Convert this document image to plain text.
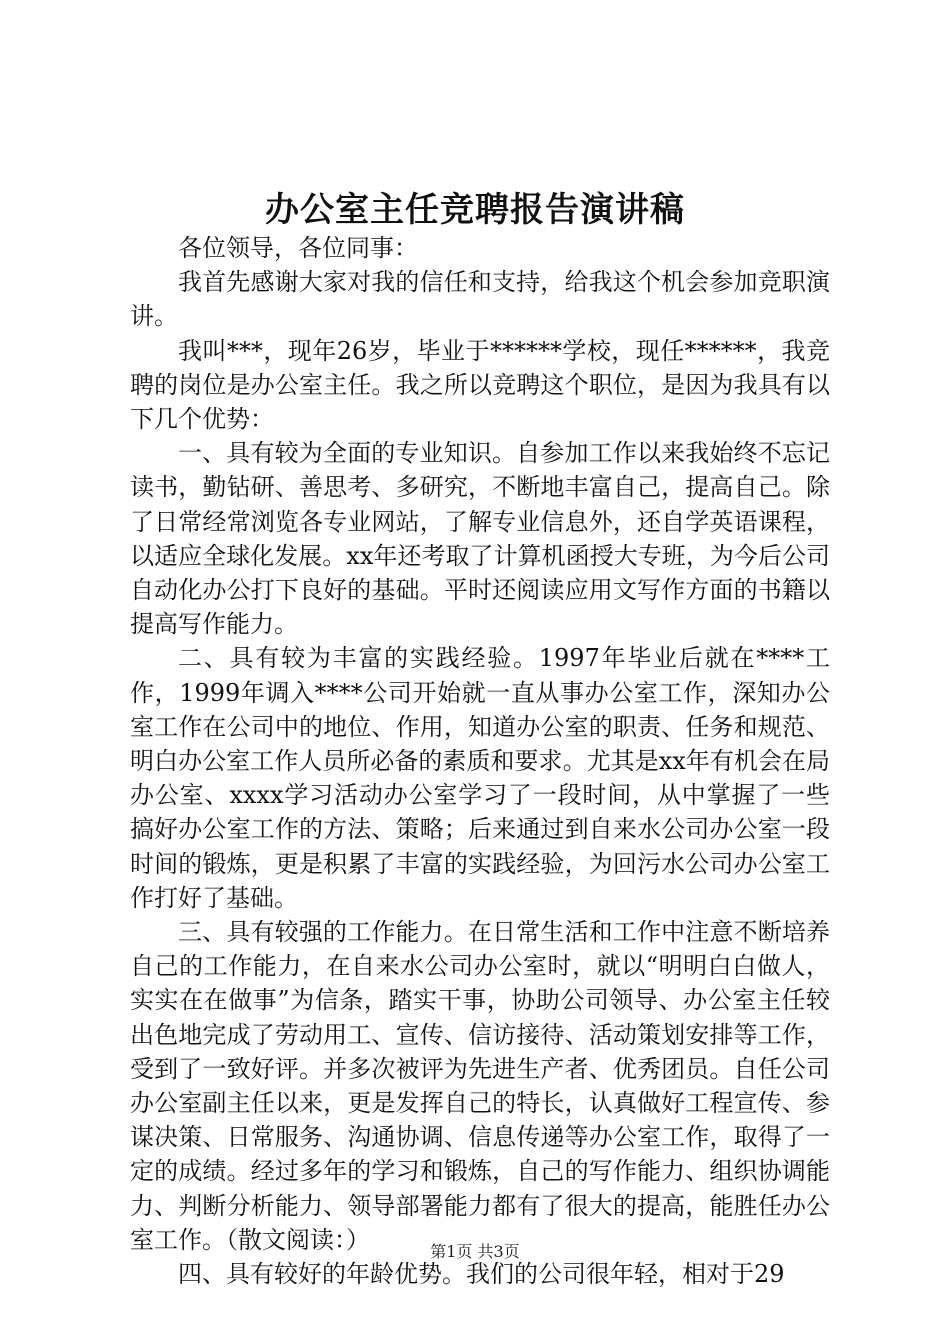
办公室主任竞聘报告演讲稿

各位领导，各位同事：

我首先感谢大家对我的信任和支持，给我这个机会参加竞职演讲。

我叫***，现年26岁，毕业于******学校，现任******，我竞聘的岗位是办公室主任。我之所以竞聘这个职位，是因为我具有以下几个优势：

一、具有较为全面的专业知识。自参加工作以来我始终不忘记读书，勤钻研、善思考、多研究，不断地丰富自己，提高自己。除了日常经常浏览各专业网站，了解专业信息外，还自学英语课程，以适应全球化发展。xx年还考取了计算机函授大专班，为今后公司自动化办公打下良好的基础。平时还阅读应用文写作方面的书籍以提高写作能力。

二、具有较为丰富的实践经验。1997年毕业后就在****工作，1999年调入****公司开始就一直从事办公室工作，深知办公室工作在公司中的地位、作用，知道办公室的职责、任务和规范、明白办公室工作人员所必备的素质和要求。尤其是xx年有机会在局办公室、xxxx学习活动办公室学习了一段时间，从中掌握了一些搞好办公室工作的方法、策略；后来通过到自来水公司办公室一段时间的锻炼，更是积累了丰富的实践经验，为回污水公司办公室工作打好了基础。

三、具有较强的工作能力。在日常生活和工作中注意不断培养自己的工作能力，在自来水公司办公室时，就以“明明白白做人，实实在在做事”为信条，踏实干事，协助公司领导、办公室主任较出色地完成了劳动用工、宣传、信访接待、活动策划安排等工作，受到了一致好评。并多次被评为先进生产者、优秀团员。自任公司办公室副主任以来，更是发挥自己的特长，认真做好工程宣传、参谋决策、日常服务、沟通协调、信息传递等办公室工作，取得了一定的成绩。经过多年的学习和锻炼，自己的写作能力、组织协调能力、判断分析能力、领导部署能力都有了很大的提高，能胜任办公室工作。（散文阅读：）

四、具有较好的年龄优势。我们的公司很年轻，相对于29

第1页 共3页
